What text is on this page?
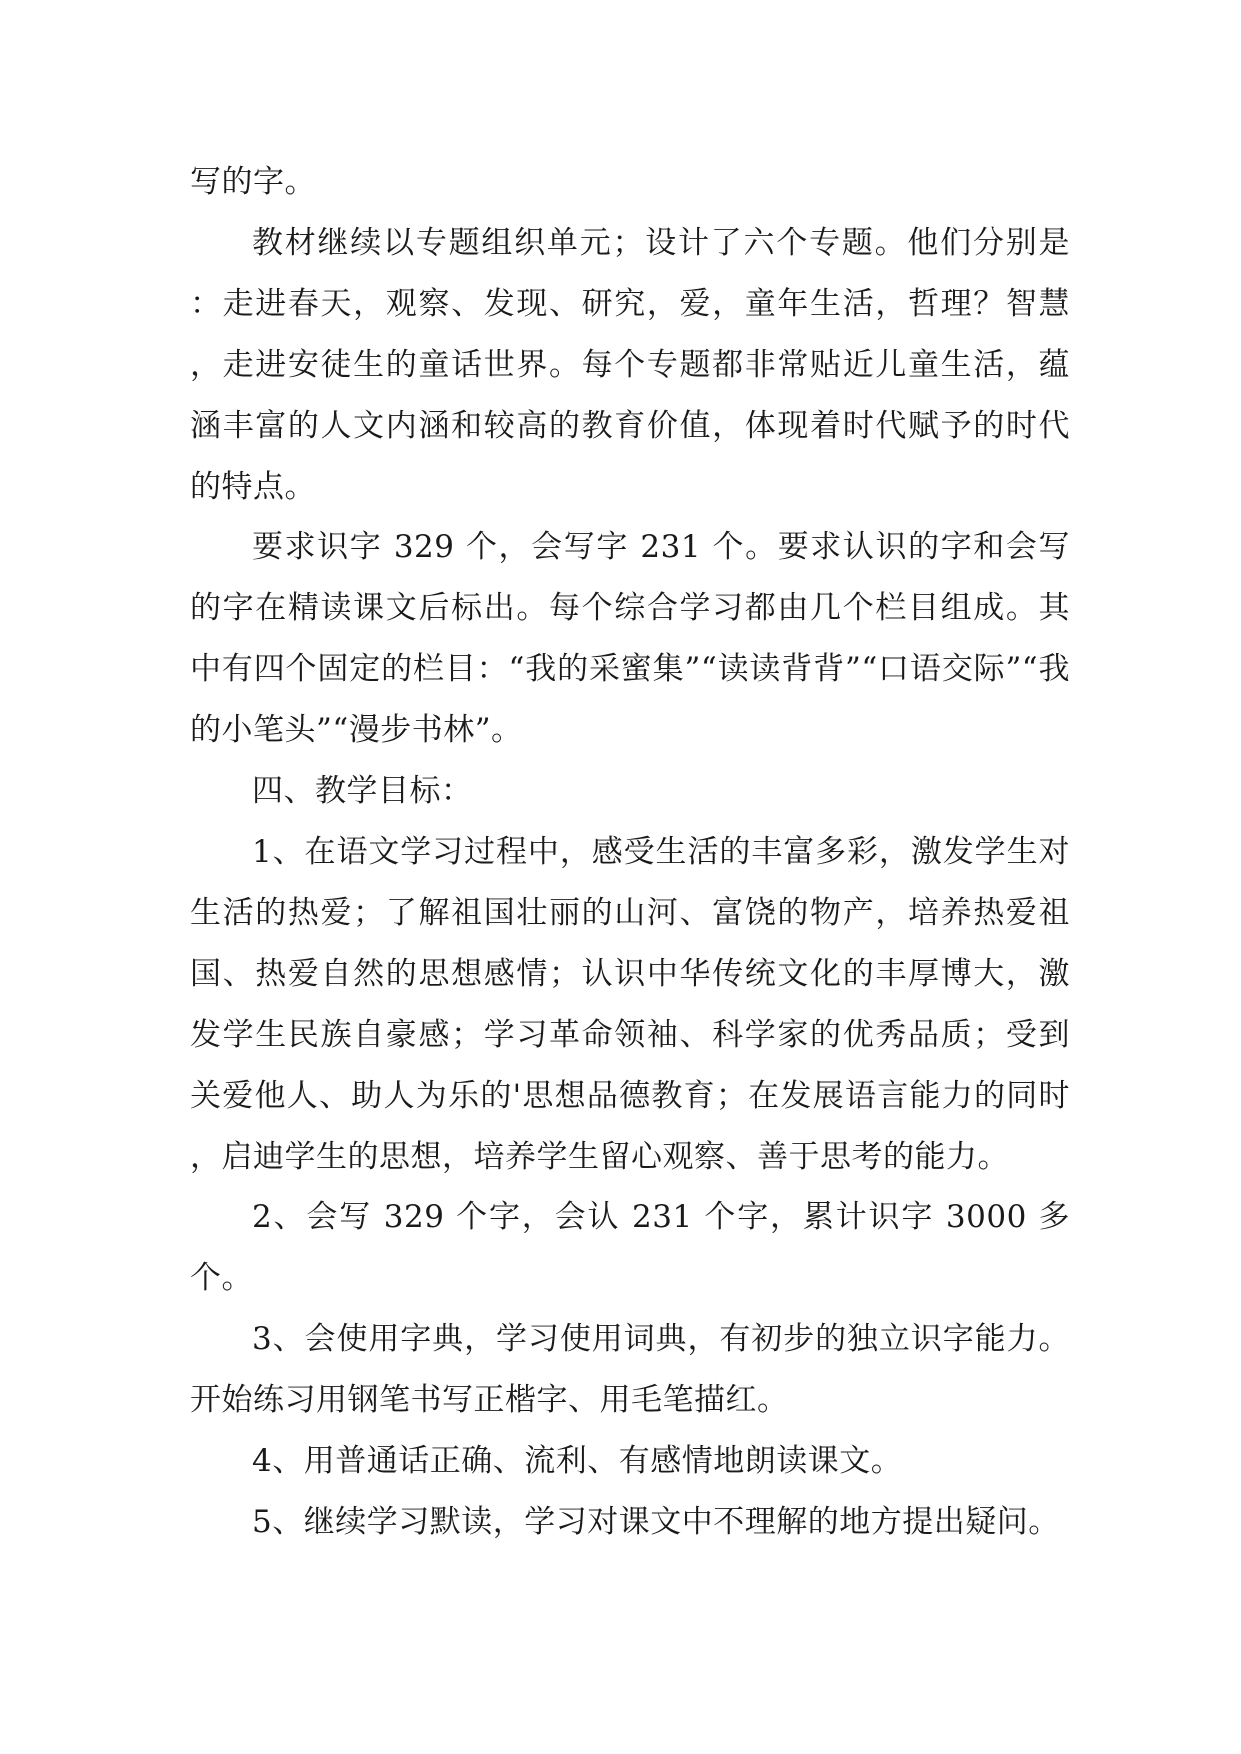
写的字。

教材继续以专题组织单元；设计了六个专题。他们分别是：走进春天，观察、发现、研究，爱，童年生活，哲理？智慧，走进安徒生的童话世界。每个专题都非常贴近儿童生活，蕴涵丰富的人文内涵和较高的教育价值，体现着时代赋予的时代的特点。

要求识字 329 个，会写字 231 个。要求认识的字和会写的字在精读课文后标出。每个综合学习都由几个栏目组成。其中有四个固定的栏目：“我的采蜜集”“读读背背”“口语交际”“我的小笔头”“漫步书林”。

四、教学目标：

1、在语文学习过程中，感受生活的丰富多彩，激发学生对生活的热爱；了解祖国壮丽的山河、富饶的物产，培养热爱祖国、热爱自然的思想感情；认识中华传统文化的丰厚博大，激发学生民族自豪感；学习革命领袖、科学家的优秀品质；受到关爱他人、助人为乐的'思想品德教育；在发展语言能力的同时，启迪学生的思想，培养学生留心观察、善于思考的能力。

2、会写 329 个字，会认 231 个字，累计识字 3000 多个。

3、会使用字典，学习使用词典，有初步的独立识字能力。开始练习用钢笔书写正楷字、用毛笔描红。

4、用普通话正确、流利、有感情地朗读课文。

5、继续学习默读，学习对课文中不理解的地方提出疑问。
